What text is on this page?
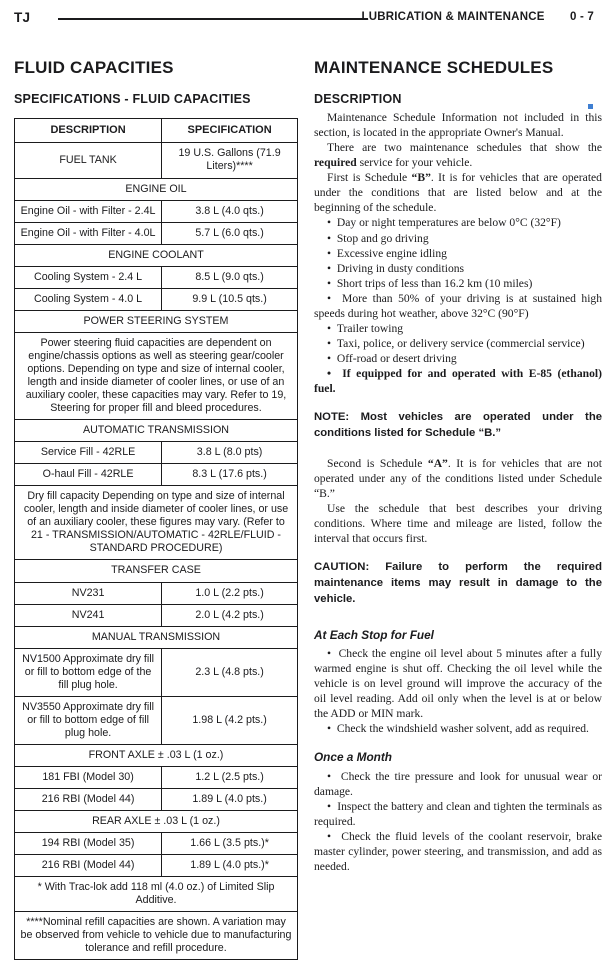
TJ	LUBRICATION & MAINTENANCE 0 - 7
FLUID CAPACITIES
SPECIFICATIONS - FLUID CAPACITIES
DESCRIPTION	SPECIFICATION
FUEL TANK	19 U.S. Gallons (71.9 Liters)****
ENGINE OIL	
Engine Oil - with Filter - 2.4L	3.8 L (4.0 qts.)
Engine Oil - with Filter - 4.0L	5.7 L (6.0 qts.)
ENGINE COOLANT	
Cooling System - 2.4 L	8.5 L (9.0 qts.)
Cooling System - 4.0 L	9.9 L (10.5 qts.)
POWER STEERING SYSTEM	
Power steering fluid capacities are dependent on engine/chassis options as well as steering gear/cooler options. Depending on type and size of internal cooler, length and inside diameter of cooler lines, or use of an auxiliary cooler, these capacities may vary. Refer to 19, Steering for proper fill and bleed procedures.	
AUTOMATIC TRANSMISSION	
Service Fill - 42RLE	3.8 L (8.0 pts)
O-haul Fill - 42RLE	8.3 L (17.6 pts.)
Dry fill capacity Depending on type and size of internal cooler, length and inside diameter of cooler lines, or use of an auxiliary cooler, these figures may vary. (Refer to 21 - TRANSMISSION/AUTOMATIC - 42RLE/FLUID - STANDARD PROCEDURE)	
TRANSFER CASE	
NV231	1.0 L (2.2 pts.)
NV241	2.0 L (4.2 pts.)
MANUAL TRANSMISSION	
NV1500 Approximate dry fill or fill to bottom edge of the fill plug hole.	2.3 L (4.8 pts.)
NV3550 Approximate dry fill or fill to bottom edge of fill plug hole.	1.98 L (4.2 pts.)
FRONT AXLE ± .03 L (1 oz.)	
181 FBI (Model 30)	1.2 L (2.5 pts.)
216 RBI (Model 44)	1.89 L (4.0 pts.)
REAR AXLE ± .03 L (1 oz.)	
194 RBI (Model 35)	1.66 L (3.5 pts.)*
216 RBI (Model 44)	1.89 L (4.0 pts.)*
* With Trac-lok add 118 ml (4.0 oz.) of Limited Slip Additive.	
****Nominal refill capacities are shown. A variation may be observed from vehicle to vehicle due to manufacturing tolerance and refill procedure.	
MAINTENANCE SCHEDULES
DESCRIPTION

Maintenance Schedule Information not included in this section, is located in the appropriate Owner's Manual.

There are two maintenance schedules that show the required service for your vehicle.

First is Schedule “B”. It is for vehicles that are operated under the conditions that are listed below and at the beginning of the schedule.

•  Day or night temperatures are below 0°C (32°F)

•  Stop and go driving

•  Excessive engine idling

•  Driving in dusty conditions

•  Short trips of less than 16.2 km (10 miles)

•  More than 50% of your driving is at sustained high speeds during hot weather, above 32°C (90°F)

•  Trailer towing

•  Taxi, police, or delivery service (commercial service)

•  Off-road or desert driving

•  If equipped for and operated with E-85 (ethanol) fuel.

NOTE: Most vehicles are operated under the conditions listed for Schedule “B.”

Second is Schedule “A”. It is for vehicles that are not operated under any of the conditions listed under Schedule “B.”

Use the schedule that best describes your driving conditions. Where time and mileage are listed, follow the interval that occurs first.

CAUTION: Failure to perform the required maintenance items may result in damage to the vehicle.

At Each Stop for Fuel

•  Check the engine oil level about 5 minutes after a fully warmed engine is shut off. Checking the oil level while the vehicle is on level ground will improve the accuracy of the oil level reading. Add oil only when the level is at or below the ADD or MIN mark.

•  Check the windshield washer solvent, add as required.

Once a Month

•  Check the tire pressure and look for unusual wear or damage.

•  Inspect the battery and clean and tighten the terminals as required.

•  Check the fluid levels of the coolant reservoir, brake master cylinder, power steering, and transmission, and add as needed.
